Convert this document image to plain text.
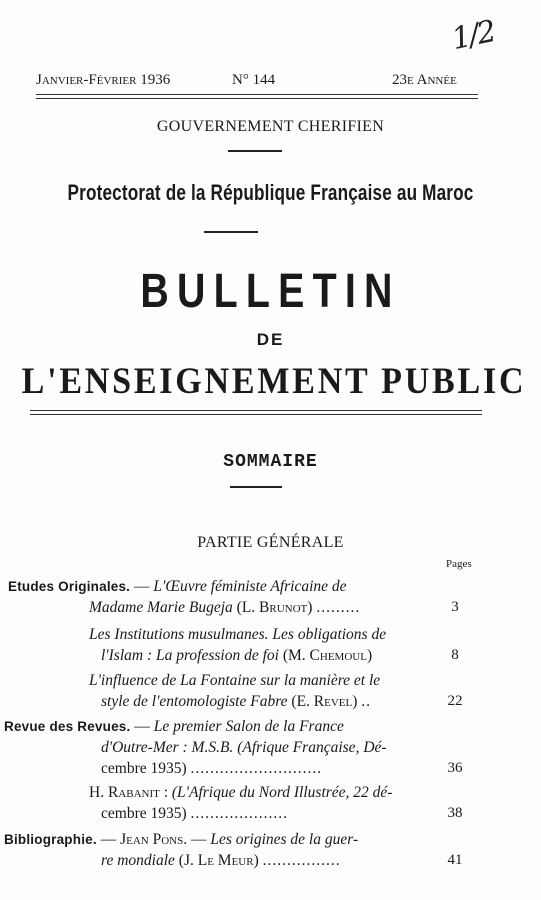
1/2
Janvier-Février 1936	N° 144	23e Année
GOUVERNEMENT CHERIFIEN
Protectorat de la République Française au Maroc
BULLETIN
DE
L'ENSEIGNEMENT PUBLIC
SOMMAIRE
PARTIE GÉNÉRALE
Pages
Etudes Originales. — L'Œuvre féministe Africaine de
Madame Marie Bugeja (L. Brunot) .........	3
Les Institutions musulmanes. Les obligations de
l'Islam : La profession de foi (M. Chemoul)	8
L'influence de La Fontaine sur la manière et le
style de l'entomologiste Fabre (E. Revel) ..	22
Revue des Revues. — Le premier Salon de la France
d'Outre-Mer : M.S.B. (Afrique Française, Dé-
cembre 1935) ...........................	36
H. Rabanit : (L'Afrique du Nord Illustrée, 22 dé-
cembre 1935) ....................	38
Bibliographie. — Jean Pons. — Les origines de la guer-
re mondiale (J. Le Meur) ................	41
